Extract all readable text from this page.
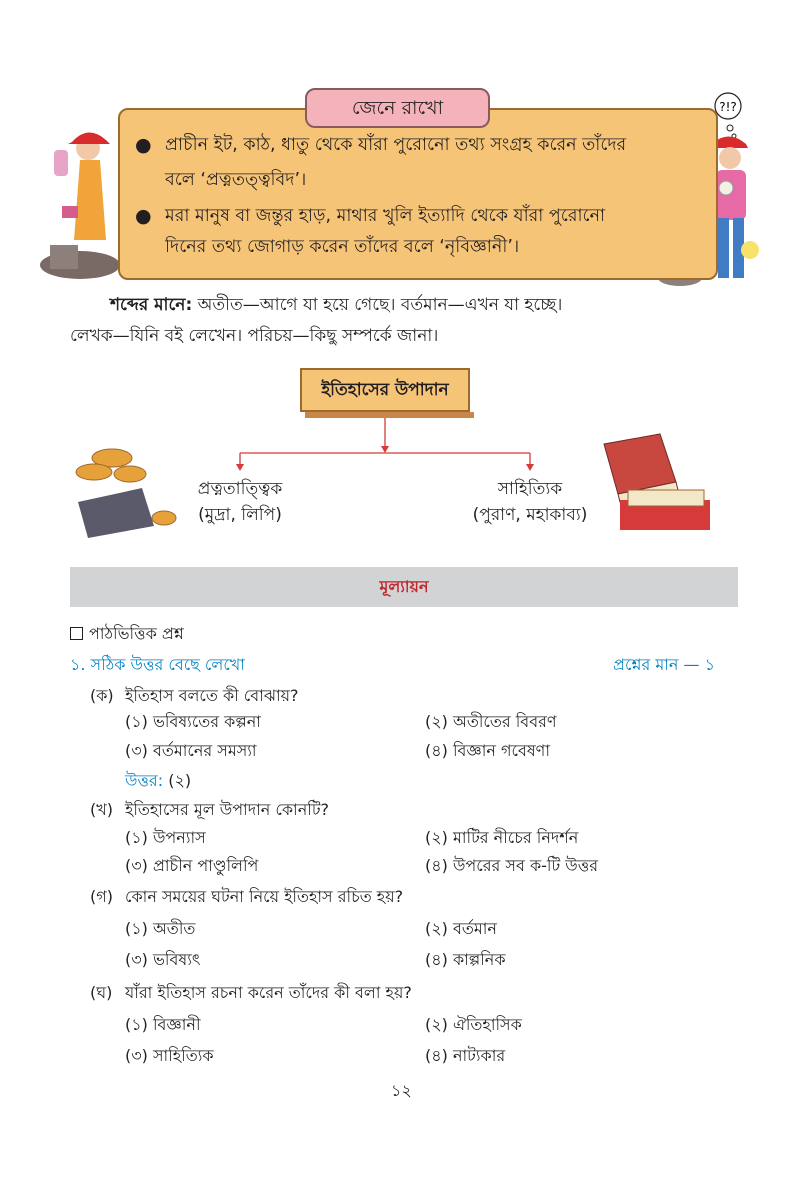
?!?
জেনে রাখো
● প্রাচীন ইট, কাঠ, ধাতু থেকে যাঁরা পুরোনো তথ্য সংগ্রহ করেন তাঁদের
বলে ‘প্রত্নতত্ত্ববিদ’।
● মরা মানুষ বা জন্তুর হাড়, মাথার খুলি ইত্যাদি থেকে যাঁরা পুরোনো
দিনের তথ্য জোগাড় করেন তাঁদের বলে ‘নৃবিজ্ঞানী’।
শব্দের মানে: অতীত—আগে যা হয়ে গেছে। বর্তমান—এখন যা হচ্ছে।
লেখক—যিনি বই লেখেন। পরিচয়—কিছু সম্পর্কে জানা।
ইতিহাসের উপাদান
প্রত্নতাত্ত্বিক
(মুদ্রা, লিপি)
সাহিত্যিক
(পুরাণ, মহাকাব্য)
মূল্যায়ন
পাঠভিত্তিক প্রশ্ন
১. সঠিক উত্তর বেছে লেখো	প্রশ্নের মান — ১
(ক) ইতিহাস বলতে কী বোঝায়?
(১) ভবিষ্যতের কল্পনা	(২) অতীতের বিবরণ
(৩) বর্তমানের সমস্যা	(৪) বিজ্ঞান গবেষণা
উত্তর: (২)
(খ) ইতিহাসের মূল উপাদান কোনটি?
(১) উপন্যাস	(২) মাটির নীচের নিদর্শন
(৩) প্রাচীন পাণ্ডুলিপি	(৪) উপরের সব ক-টি উত্তর
(গ) কোন সময়ের ঘটনা নিয়ে ইতিহাস রচিত হয়?
(১) অতীত	(২) বর্তমান
(৩) ভবিষ্যৎ	(৪) কাল্পনিক
(ঘ) যাঁরা ইতিহাস রচনা করেন তাঁদের কী বলা হয়?
(১) বিজ্ঞানী	(২) ঐতিহাসিক
(৩) সাহিত্যিক	(৪) নাট্যকার
১২
